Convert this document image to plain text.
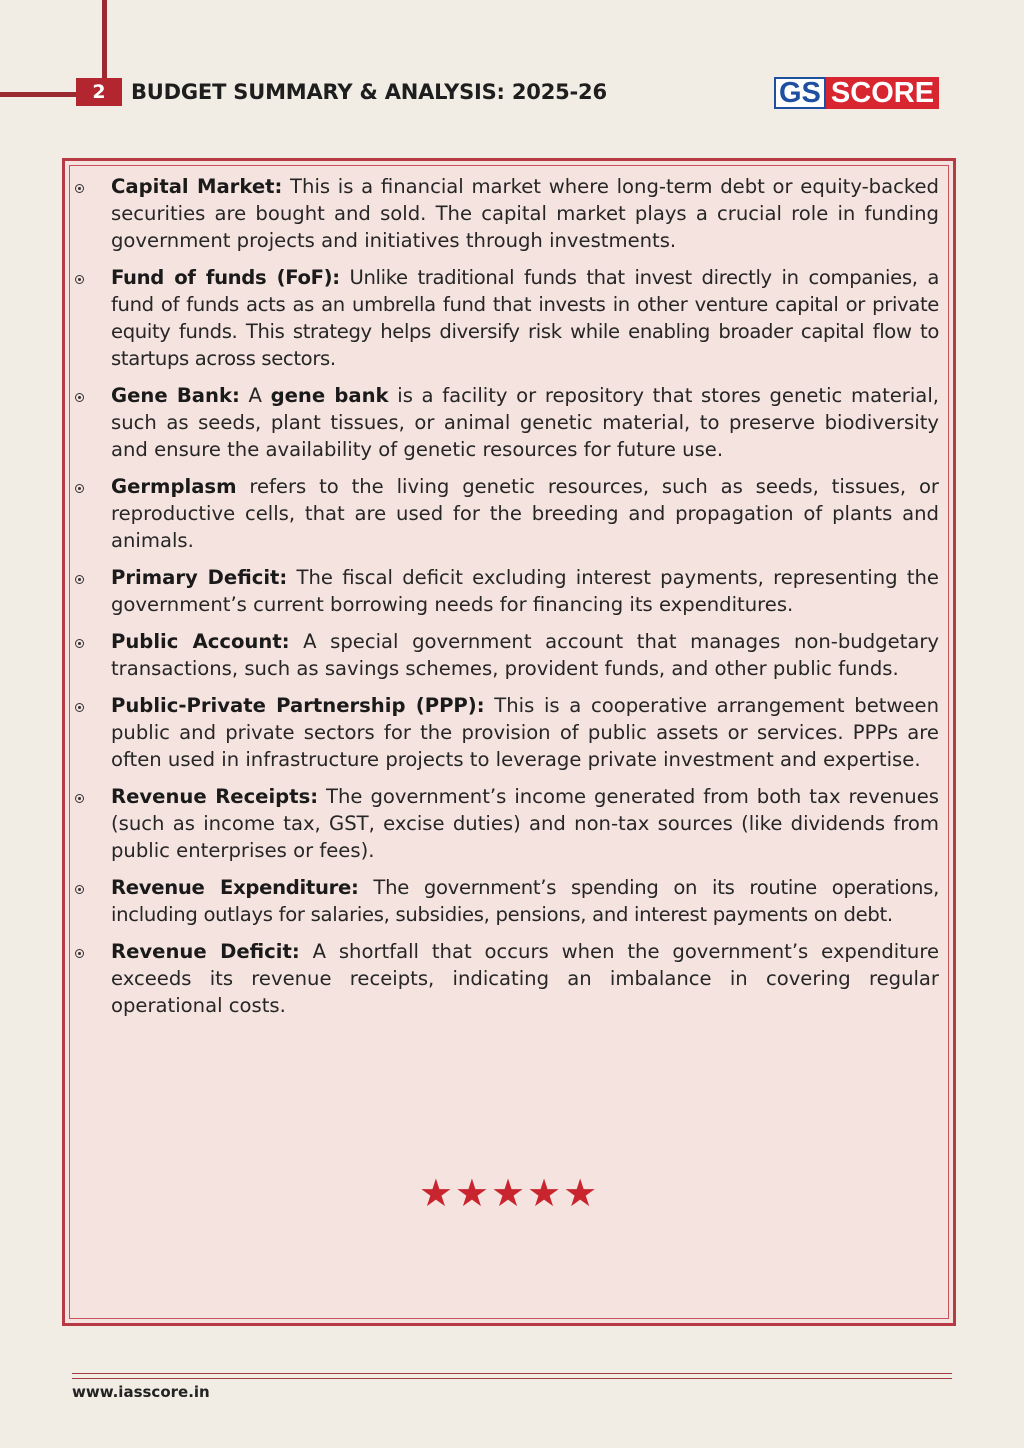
2	BUDGET SUMMARY & ANALYSIS: 2025-26	GS SCORE
Capital Market: This is a financial market where long-term debt or equity-backed securities are bought and sold. The capital market plays a crucial role in funding government projects and initiatives through investments.
Fund of funds (FoF): Unlike traditional funds that invest directly in companies, a fund of funds acts as an umbrella fund that invests in other venture capital or private equity funds. This strategy helps diversify risk while enabling broader capital flow to startups across sectors.
Gene Bank: A gene bank is a facility or repository that stores genetic material, such as seeds, plant tissues, or animal genetic material, to preserve biodiversity and ensure the availability of genetic resources for future use.
Germplasm refers to the living genetic resources, such as seeds, tissues, or reproductive cells, that are used for the breeding and propagation of plants and animals.
Primary Deficit: The fiscal deficit excluding interest payments, representing the government’s current borrowing needs for financing its expenditures.
Public Account: A special government account that manages non-budgetary transactions, such as savings schemes, provident funds, and other public funds.
Public-Private Partnership (PPP): This is a cooperative arrangement between public and private sectors for the provision of public assets or services. PPPs are often used in infrastructure projects to leverage private investment and expertise.
Revenue Receipts: The government’s income generated from both tax revenues (such as income tax, GST, excise duties) and non-tax sources (like dividends from public enterprises or fees).
Revenue Expenditure: The government’s spending on its routine operations, including outlays for salaries, subsidies, pensions, and interest payments on debt.
Revenue Deficit: A shortfall that occurs when the government’s expenditure exceeds its revenue receipts, indicating an imbalance in covering regular operational costs.
★★★★★
www.iasscore.in
